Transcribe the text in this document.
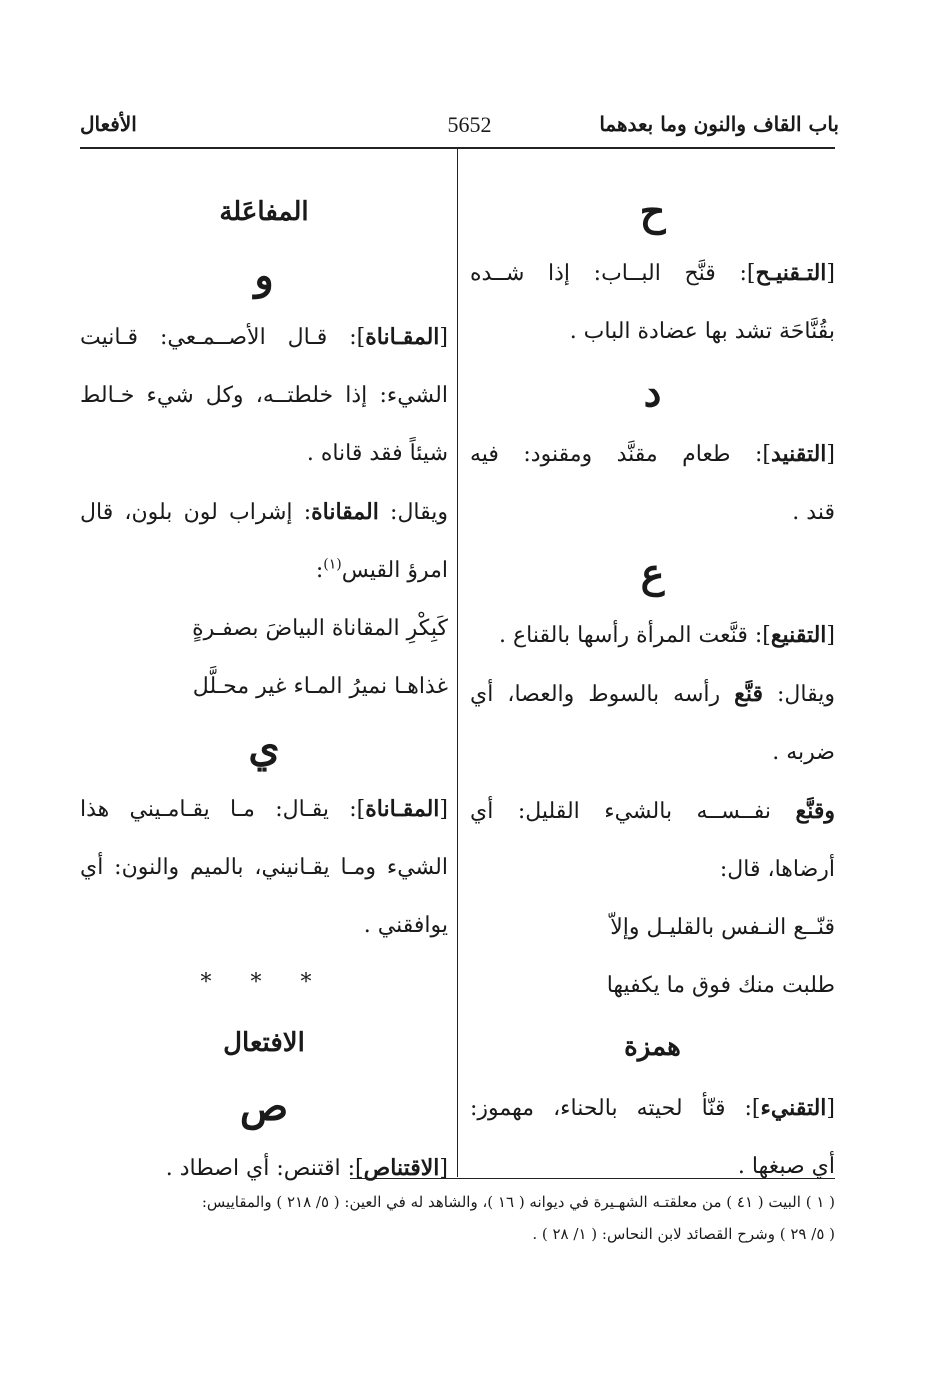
باب القاف والنون وما بعدهما
5652
الأفعال

ح

[التـقنيـح]: قنَّح البــاب: إذا شــده

بقُنَّاحَة تشد بها عضادة الباب .

د

[التقنيد]: طعام مقنَّد ومقنود: فيه

قند .

ع

[التقنيع]: قنَّعت المرأة رأسها بالقناع .

ويقال: قنَّع رأسه بالسوط والعصا، أي

ضربه .

وقنَّع نفــســه بالشيء القليل: أي

أرضاها، قال:

قنّــع النـفس بالقليـل وإلاّ

طلبت منك فوق ما يكفيها

همزة

[التقنيء]: قنّأ لحيته بالحناء، مهموز:

أي صبغها .

المفاعَلة

و

[المقـاناة]: قـال الأصــمـعي: قـانيت

الشيء: إذا خلطتــه، وكل شيء خـالط

شيئاً فقد قاناه .

ويقال: المقاناة: إشراب لون بلون، قال

امرؤ القيس$^{(١)}$:

كَبِكْرِ المقاناة البياضَ بصفـرةٍ

غذاهـا نميرُ المـاء غير محـلَّل

ي

[المقـاناة]: يقـال: مـا يقـامـيني هذا

الشيء ومـا يقـانيني، بالميم والنون: أي

يوافقني .

* * *

الافتعال

ص

[الاقتناص]: اقتنص: أي اصطاد .

( ١ ) البيت ( ٤١ ) من معلقتـه الشهـيرة في ديوانه ( ١٦ )، والشاهد له في العين: ( ٥/ ٢١٨ ) والمقاييس:

( ٥/ ٢٩ ) وشرح القصائد لابن النحاس: ( ١/ ٢٨ ) .
